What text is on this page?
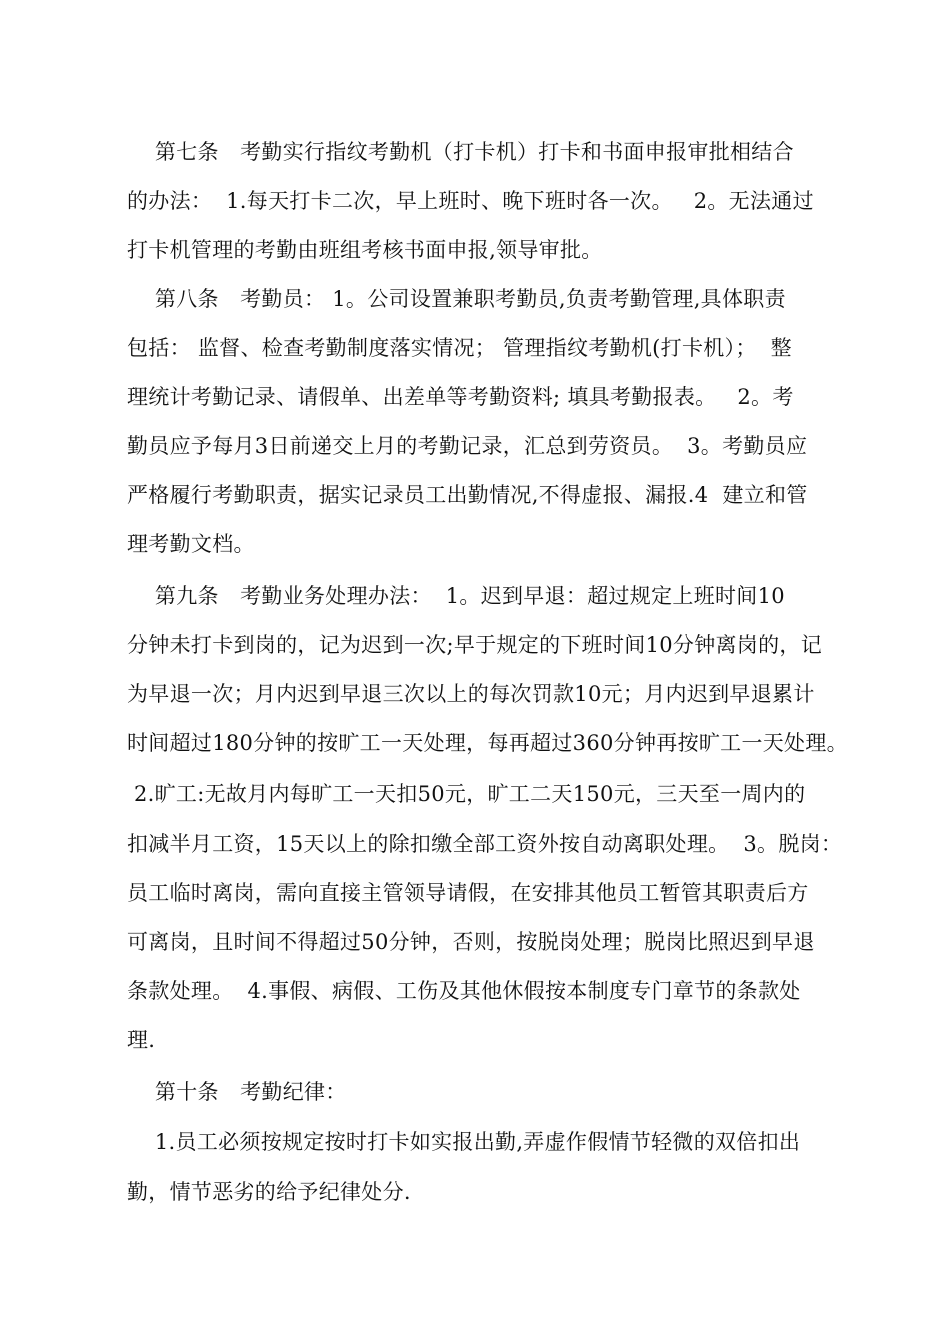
第七条　考勤实行指纹考勤机（打卡机）打卡和书面申报审批相结合
的办法：  1.每天打卡二次，早上班时、晚下班时各一次。   2。无法通过
打卡机管理的考勤由班组考核书面申报,领导审批。
第八条　考勤员： 1。公司设置兼职考勤员,负责考勤管理,具体职责
包括： 监督、检查考勤制度落实情况； 管理指纹考勤机(打卡机）；  整
理统计考勤记录、请假单、出差单等考勤资料; 填具考勤报表。   2。考
勤员应予每月3日前递交上月的考勤记录，汇总到劳资员。  3。考勤员应
严格履行考勤职责，据实记录员工出勤情况,不得虚报、漏报.4  建立和管
理考勤文档。
第九条　考勤业务处理办法：  1。迟到早退：超过规定上班时间10
分钟未打卡到岗的，记为迟到一次;早于规定的下班时间10分钟离岗的，记
为早退一次；月内迟到早退三次以上的每次罚款10元；月内迟到早退累计
时间超过180分钟的按旷工一天处理，每再超过360分钟再按旷工一天处理。
2.旷工:无故月内每旷工一天扣50元，旷工二天150元，三天至一周内的
扣减半月工资，15天以上的除扣缴全部工资外按自动离职处理。  3。脱岗：
员工临时离岗，需向直接主管领导请假，在安排其他员工暂管其职责后方
可离岗，且时间不得超过50分钟，否则，按脱岗处理；脱岗比照迟到早退
条款处理。  4.事假、病假、工伤及其他休假按本制度专门章节的条款处
理.
第十条　考勤纪律：
1.员工必须按规定按时打卡如实报出勤,弄虚作假情节轻微的双倍扣出
勤，情节恶劣的给予纪律处分.
